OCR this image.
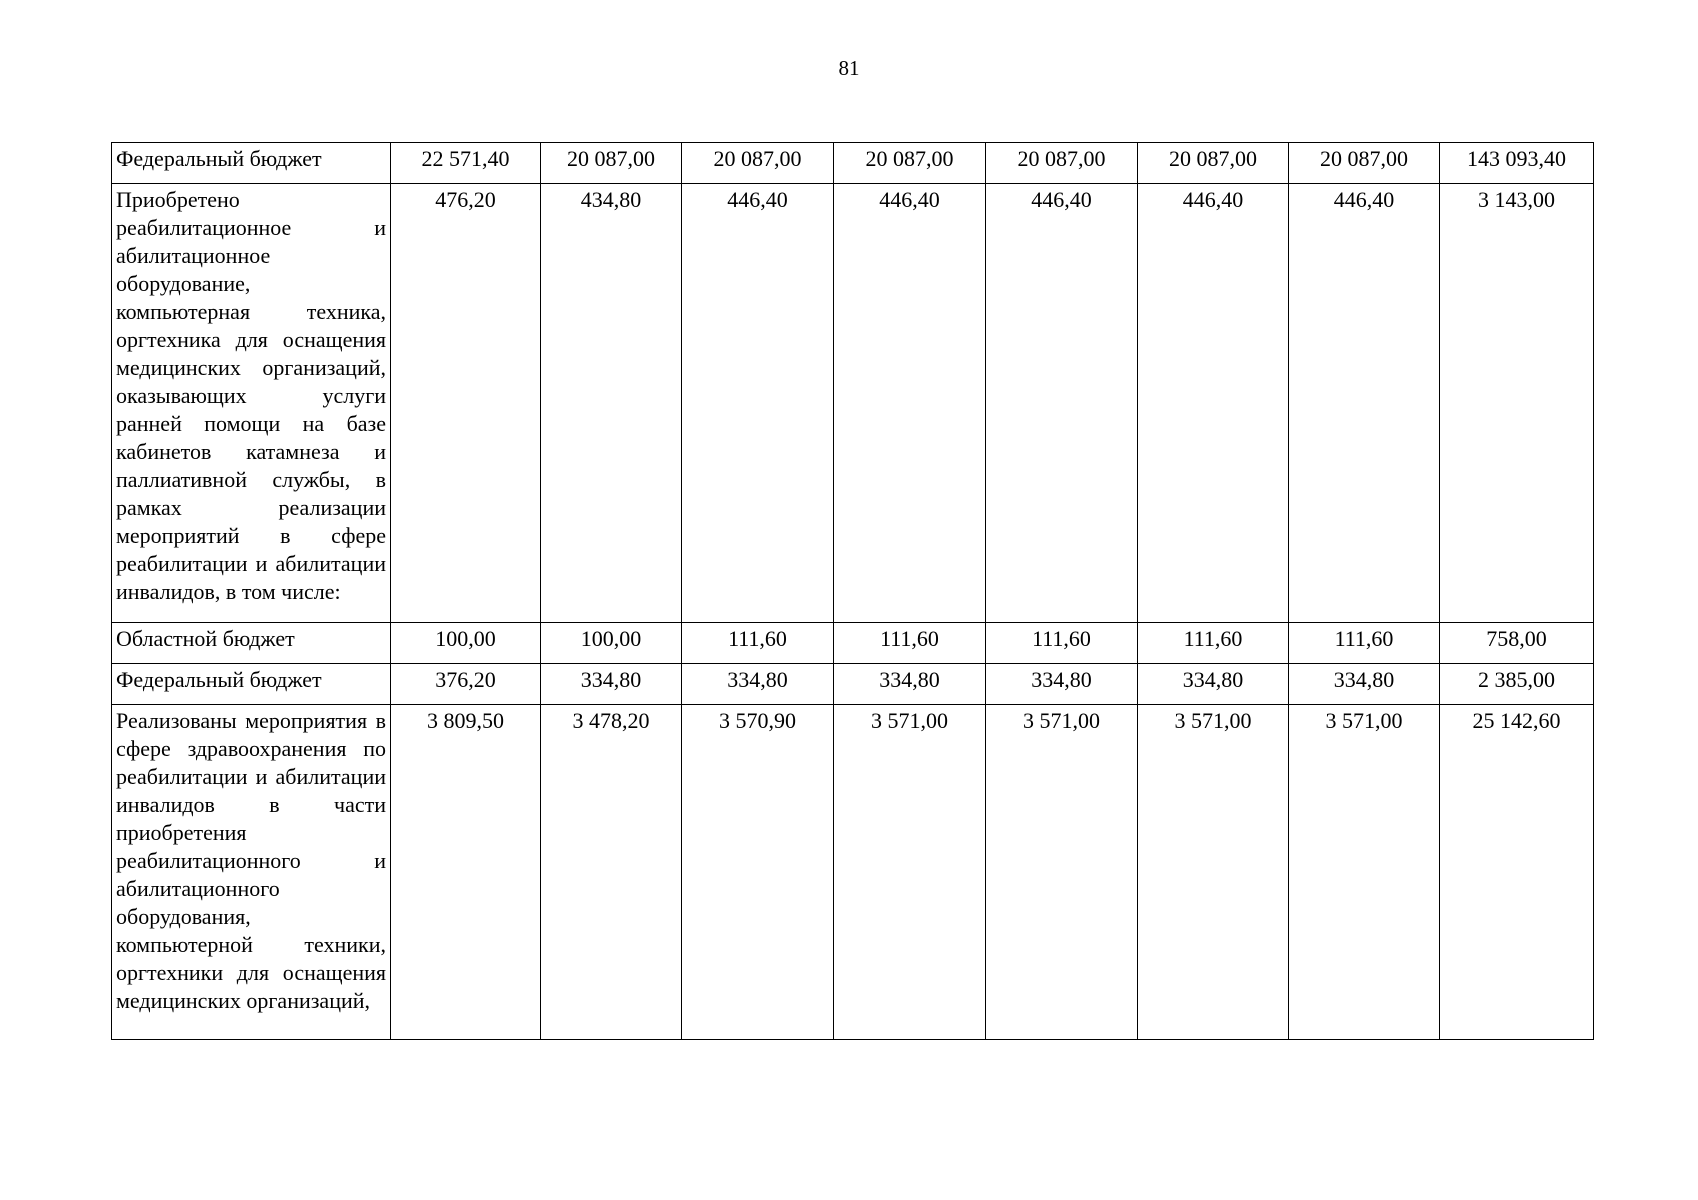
81
Федеральный бюджет	22 571,40	20 087,00	20 087,00	20 087,00	20 087,00	20 087,00	20 087,00	143 093,40
Приобретено реабилитационное и абилитационное оборудование, компьютерная техника, оргтехника для оснащения медицинских организаций, оказывающих услуги ранней помощи на базе кабинетов катамнеза и паллиативной службы, в рамках реализации мероприятий в сфере реабилитации и абилитации инвалидов, в том числе:	476,20	434,80	446,40	446,40	446,40	446,40	446,40	3 143,00
Областной бюджет	100,00	100,00	111,60	111,60	111,60	111,60	111,60	758,00
Федеральный бюджет	376,20	334,80	334,80	334,80	334,80	334,80	334,80	2 385,00
Реализованы мероприятия в сфере здравоохранения по реабилитации и абилитации инвалидов в части приобретения реабилитационного и абилитационного оборудования, компьютерной техники, оргтехники для оснащения медицинских организаций,	3 809,50	3 478,20	3 570,90	3 571,00	3 571,00	3 571,00	3 571,00	25 142,60
